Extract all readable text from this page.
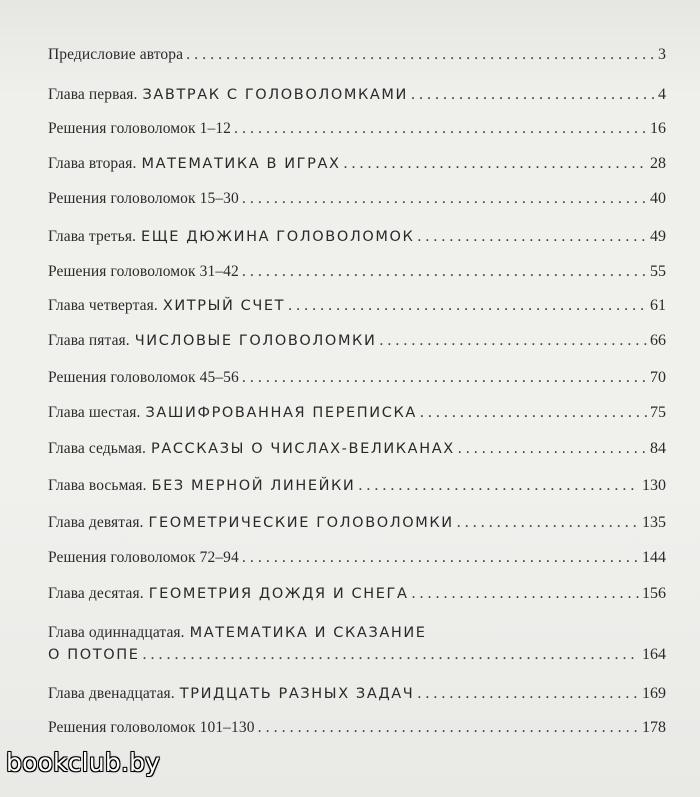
Предисловие автора . . .	3
Глава первая. ЗАВТРАК С ГОЛОВОЛОМКАМИ . . .	4
Решения головоломок 1–12 . . .	16
Глава вторая. МАТЕМАТИКА В ИГРАХ . . .	28
Решения головоломок 15–30 . . .	40
Глава третья. ЕЩЕ ДЮЖИНА ГОЛОВОЛОМОК . . .	49
Решения головоломок 31–42 . . .	55
Глава четвертая. ХИТРЫЙ СЧЕТ . . .	61
Глава пятая. ЧИСЛОВЫЕ ГОЛОВОЛОМКИ . . .	66
Решения головоломок 45–56 . . .	70
Глава шестая. ЗАШИФРОВАННАЯ ПЕРЕПИСКА . . .	75
Глава седьмая. РАССКАЗЫ О ЧИСЛАХ-ВЕЛИКАНАХ . . .	84
Глава восьмая. БЕЗ МЕРНОЙ ЛИНЕЙКИ . . .	130
Глава девятая. ГЕОМЕТРИЧЕСКИЕ ГОЛОВОЛОМКИ . . .	135
Решения головоломок 72–94 . . .	144
Глава десятая. ГЕОМЕТРИЯ ДОЖДЯ И СНЕГА . . .	156
Глава одиннадцатая. МАТЕМАТИКА И СКАЗАНИЕ
О ПОТОПЕ . . .	164
Глава двенадцатая. ТРИДЦАТЬ РАЗНЫХ ЗАДАЧ . . .	169
Решения головоломок 101–130 . . .	178
bookclub.by
